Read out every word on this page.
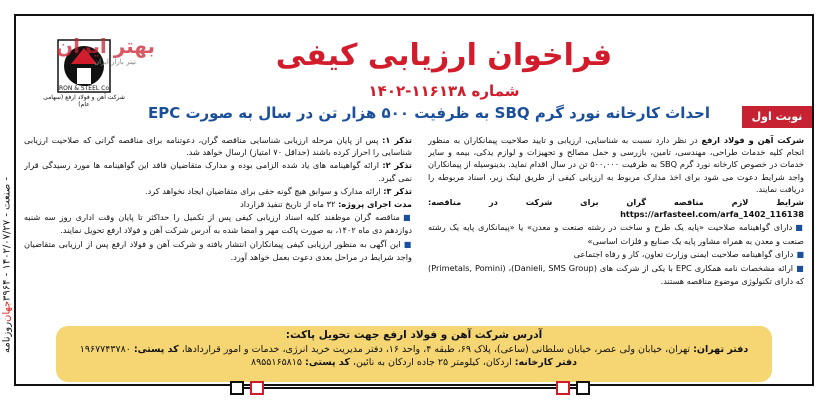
روزنامه
جهان
صنعت - ۱۴۰۲/۰۷/۲۷ - ۳۹۶۴ -
IRON & STEEL Co.
شرکت آهن و فولاد ارفع (سهامی عام)
بهتر ایران
تیتر بازار ایران	فراخوان ارزیابی کیفی
شماره ۱۱۶۱۳۸-۱۴۰۲
احداث کارخانه نورد گرم SBQ به ظرفیت ۵۰۰ هزار تن در سال به صورت EPC	نوبت اول

شرکت آهن و فولاد ارفع در نظر دارد نسبت به شناسایی، ارزیابی و تایید صلاحیت پیمانکاران به منظور انجام کلیه خدمات طراحی، مهندسی، تامین، بازرسی و حمل مصالح و تجهیزات و لوازم یدکی، بیمه و سایر خدمات در خصوص کارخانه نورد گرم SBQ به ظرفیت ۵۰۰,۰۰۰ تن در سال اقدام نماید. بدینوسیله از پیمانکاران واجد شرایط دعوت می شود برای اخذ مدارک مربوط به ارزیابی کیفی از طریق لینک زیر، اسناد مربوطه را دریافت نمایند.

شرایط لازم مناقصه گران برای شرکت در مناقصه: https://arfasteel.com/arfa_1402_116138

■دارای گواهینامه صلاحیت «پایه یک طرح و ساخت در رشته صنعت و معدن» یا «پیمانکاری پایه یک رشته صنعت و معدن به همراه مشاور پایه یک صنایع و فلزات اساسی»

■دارای گواهینامه صلاحیت ایمنی وزارت تعاون، کار و رفاه اجتماعی

■ارائه مشخصات نامه همکاری EPC با یکی از شرکت های (Danieli, SMS Group)، (Primetals, Pomini) که دارای تکنولوژی موضوع مناقصه هستند.

تذکر ۱: پس از پایان مرحله ارزیابی شناسایی مناقصه گران، دعوتنامه برای مناقصه گرانی که صلاحیت ارزیابی شناسایی را احراز کرده باشند (حداقل ۷۰ امتیاز) ارسال خواهد شد.

تذکر ۲: ارائه گواهینامه های یاد شده الزامی بوده و مدارک متقاضیان فاقد این گواهینامه ها مورد رسیدگی قرار نمی گیرد.

تذکر ۳: ارائه مدارک و سوابق هیچ گونه حقی برای متقاضیان ایجاد نخواهد کرد.

مدت اجرای پروژه: ۳۲ ماه از تاریخ تنفیذ قرارداد

■مناقصه گران موظفند کلیه اسناد ارزیابی کیفی پس از تکمیل را حداکثر تا پایان وقت اداری روز سه شنبه دوازدهم دی ماه ۱۴۰۲، به صورت پاکت مهر و امضا شده به آدرس شرکت آهن و فولاد ارفع تحویل نمایند.

■این آگهی به منظور ارزیابی کیفی پیمانکاران انتشار یافته و شرکت آهن و فولاد ارفع پس از ارزیابی متقاضیان واجد شرایط در مراحل بعدی دعوت بعمل خواهد آورد.

آدرس شرکت آهن و فولاد ارفع جهت تحویل پاکت:
دفتر تهران: تهران، خیابان ولی عصر، خیابان سلطانی (ساعی)، پلاک ۶۹، طبقه ۴، واحد ۱۶، دفتر مدیریت خرید انرژی، خدمات و امور قراردادها، کد پستی: ۱۹۶۷۷۴۳۷۸۰
دفتر کارخانه: اردکان، کیلومتر ۲۵ جاده اردکان به نائین، کد پستی: ۸۹۵۵۱۶۵۸۱۵
